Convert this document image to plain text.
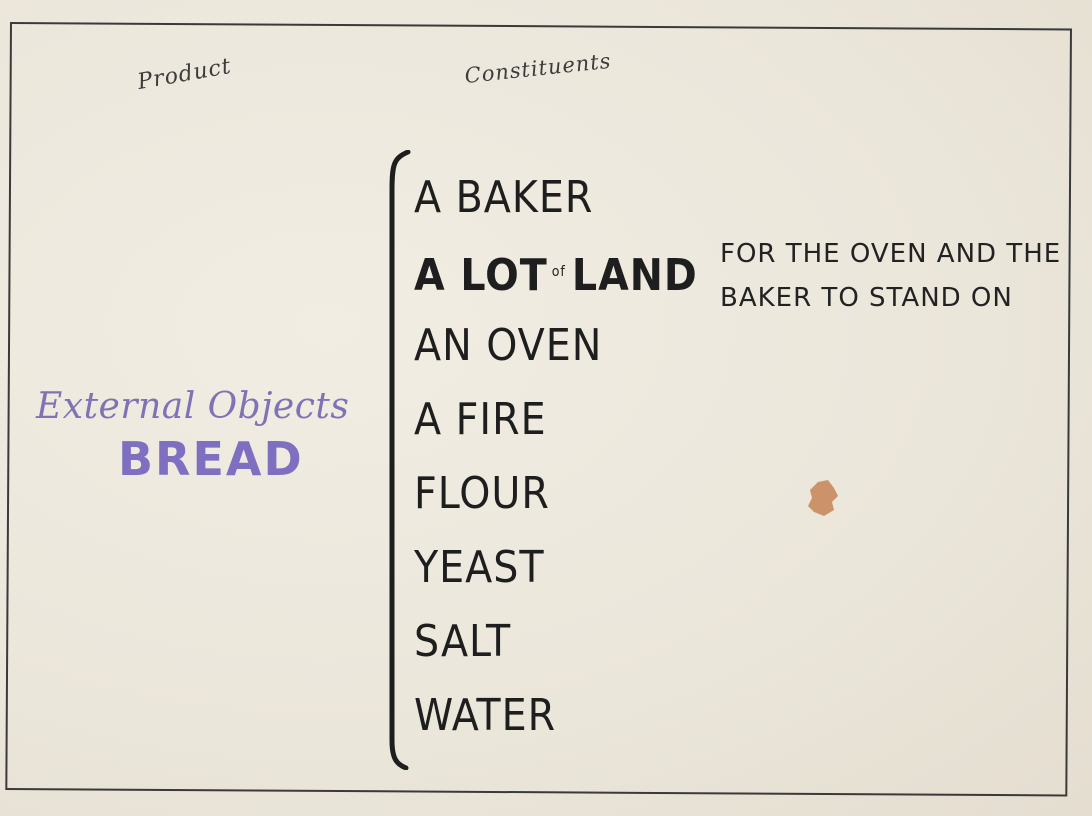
Product	Constituents
External Objects
BREAD
A BAKER
A LOT $^{of}$ LAND
AN OVEN
A FIRE
FLOUR
YEAST
SALT
WATER
FOR THE OVEN AND THE
BAKER TO STAND ON
